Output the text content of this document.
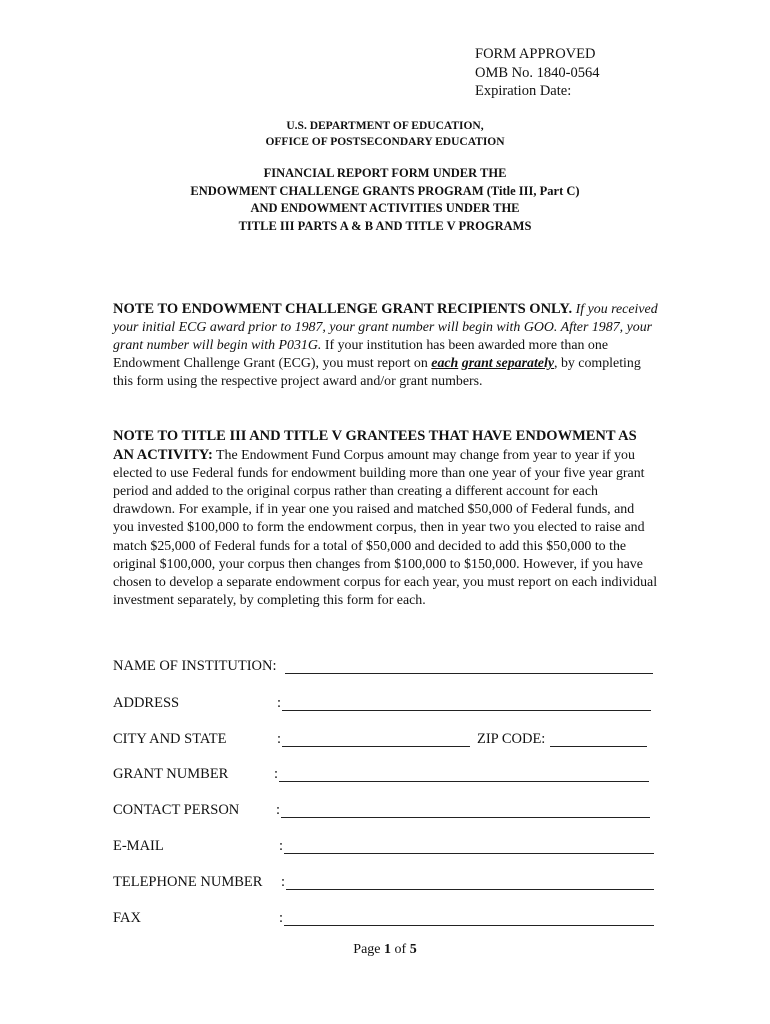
FORM APPROVED
OMB No. 1840-0564
Expiration Date:
U.S. DEPARTMENT OF EDUCATION,
OFFICE OF POSTSECONDARY EDUCATION
FINANCIAL REPORT FORM UNDER THE
ENDOWMENT CHALLENGE GRANTS PROGRAM (Title III, Part C)
AND ENDOWMENT ACTIVITIES UNDER THE
TITLE III PARTS A & B AND TITLE V PROGRAMS
NOTE TO ENDOWMENT CHALLENGE GRANT RECIPIENTS ONLY. If you received your initial ECG award prior to 1987, your grant number will begin with GOO. After 1987, your grant number will begin with P031G. If your institution has been awarded more than one Endowment Challenge Grant (ECG), you must report on each grant separately, by completing this form using the respective project award and/or grant numbers.
NOTE TO TITLE III AND TITLE V GRANTEES THAT HAVE ENDOWMENT AS AN ACTIVITY: The Endowment Fund Corpus amount may change from year to year if you elected to use Federal funds for endowment building more than one year of your five year grant period and added to the original corpus rather than creating a different account for each drawdown. For example, if in year one you raised and matched $50,000 of Federal funds, and you invested $100,000 to form the endowment corpus, then in year two you elected to raise and match $25,000 of Federal funds for a total of $50,000 and decided to add this $50,000 to the original $100,000, your corpus then changes from $100,000 to $150,000. However, if you have chosen to develop a separate endowment corpus for each year, you must report on each individual investment separately, by completing this form for each.
NAME OF INSTITUTION:
ADDRESS	:
CITY AND STATE	:	ZIP CODE:
GRANT NUMBER	:
CONTACT PERSON	:
E-MAIL	:
TELEPHONE NUMBER :
FAX	:
Page 1 of 5
